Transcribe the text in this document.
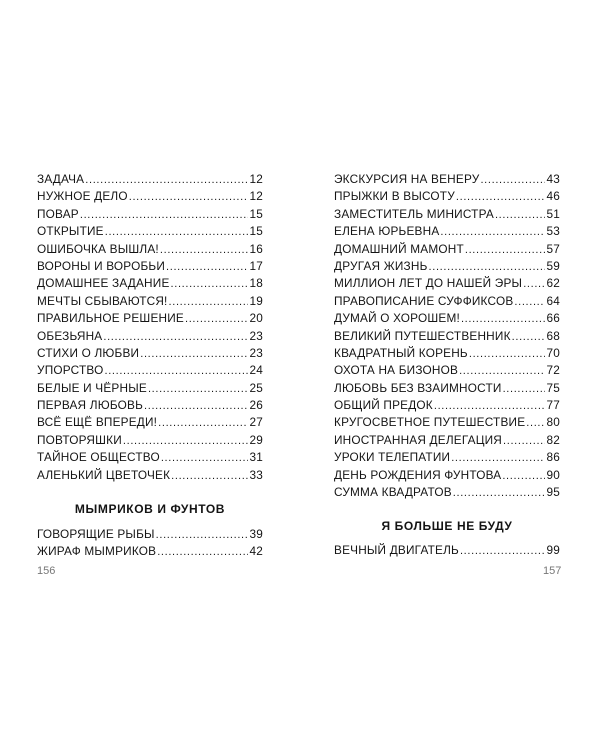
ЗАДАЧА . . .	12
НУЖНОЕ ДЕЛО . . .	12
ПОВАР . . .	15
ОТКРЫТИЕ . . .	15
ОШИБОЧКА ВЫШЛА! . . .	16
ВОРОНЫ И ВОРОБЬИ . . .	17
ДОМАШНЕЕ ЗАДАНИЕ . . .	18
МЕЧТЫ СБЫВАЮТСЯ! . . .	19
ПРАВИЛЬНОЕ РЕШЕНИЕ . . .	20
ОБЕЗЬЯНА . . .	23
СТИХИ О ЛЮБВИ . . .	23
УПОРСТВО . . .	24
БЕЛЫЕ И ЧЁРНЫЕ . . .	25
ПЕРВАЯ ЛЮБОВЬ . . .	26
ВСЁ ЕЩЁ ВПЕРЕДИ! . . .	27
ПОВТОРЯШКИ . . .	29
ТАЙНОЕ ОБЩЕСТВО . . .	31
АЛЕНЬКИЙ ЦВЕТОЧЕК . . .	33
МЫМРИКОВ И ФУНТОВ
ГОВОРЯЩИЕ РЫБЫ . . .	39
ЖИРАФ МЫМРИКОВ . . .	42
156
ЭКСКУРСИЯ НА ВЕНЕРУ . . .	43
ПРЫЖКИ В ВЫСОТУ . . .	46
ЗАМЕСТИТЕЛЬ МИНИСТРА . . .	51
ЕЛЕНА ЮРЬЕВНА . . .	53
ДОМАШНИЙ МАМОНТ . . .	57
ДРУГАЯ ЖИЗНЬ . . .	59
МИЛЛИОН ЛЕТ ДО НАШЕЙ ЭРЫ . . . 62
ПРАВОПИСАНИЕ СУФФИКСОВ . . .	64
ДУМАЙ О ХОРОШЕМ! . . .	66
ВЕЛИКИЙ ПУТЕШЕСТВЕННИК . . .	68
КВАДРАТНЫЙ КОРЕНЬ . . .	70
ОХОТА НА БИЗОНОВ . . .	72
ЛЮБОВЬ БЕЗ ВЗАИМНОСТИ . . .	75
ОБЩИЙ ПРЕДОК . . .	77
КРУГОСВЕТНОЕ ПУТЕШЕСТВИЕ . . . 80
ИНОСТРАННАЯ ДЕЛЕГАЦИЯ . . .	82
УРОКИ ТЕЛЕПАТИИ . . .	86
ДЕНЬ РОЖДЕНИЯ ФУНТОВА . . .	90
СУММА КВАДРАТОВ . . .	95
Я БОЛЬШЕ НЕ БУДУ
ВЕЧНЫЙ ДВИГАТЕЛЬ . . .	99
157
